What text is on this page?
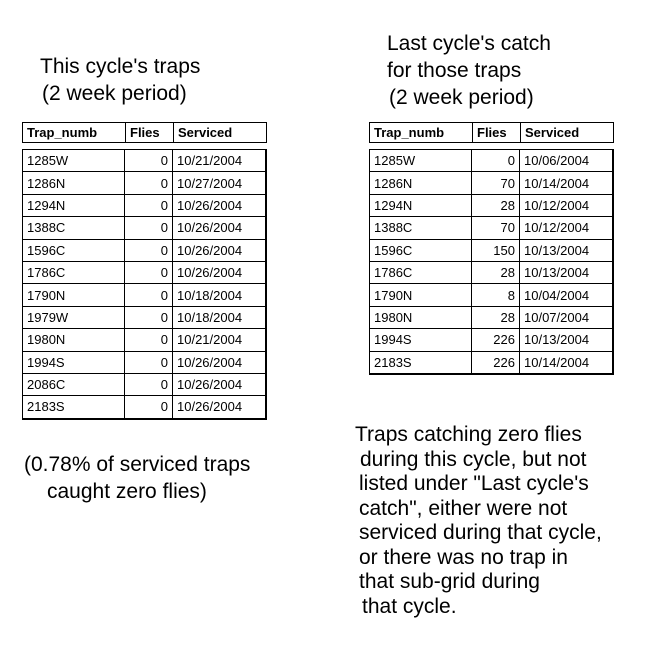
This cycle's traps
(2 week period)
Last cycle's catch
for those traps
(2 week period)
Trap_numb	Flies	Serviced
1285W	0	10/21/2004
1286N	0	10/27/2004
1294N	0	10/26/2004
1388C	0	10/26/2004
1596C	0	10/26/2004
1786C	0	10/26/2004
1790N	0	10/18/2004
1979W	0	10/18/2004
1980N	0	10/21/2004
1994S	0	10/26/2004
2086C	0	10/26/2004
2183S	0	10/26/2004
Trap_numb	Flies	Serviced
1285W	0	10/06/2004
1286N	70	10/14/2004
1294N	28	10/12/2004
1388C	70	10/12/2004
1596C	150	10/13/2004
1786C	28	10/13/2004
1790N	8	10/04/2004
1980N	28	10/07/2004
1994S	226	10/13/2004
2183S	226	10/14/2004
(0.78% of serviced traps
caught zero flies)
Traps catching zero flies
during this cycle, but not
listed under "Last cycle's
catch", either were not
serviced during that cycle,
or there was no trap in
that sub-grid during
that cycle.
